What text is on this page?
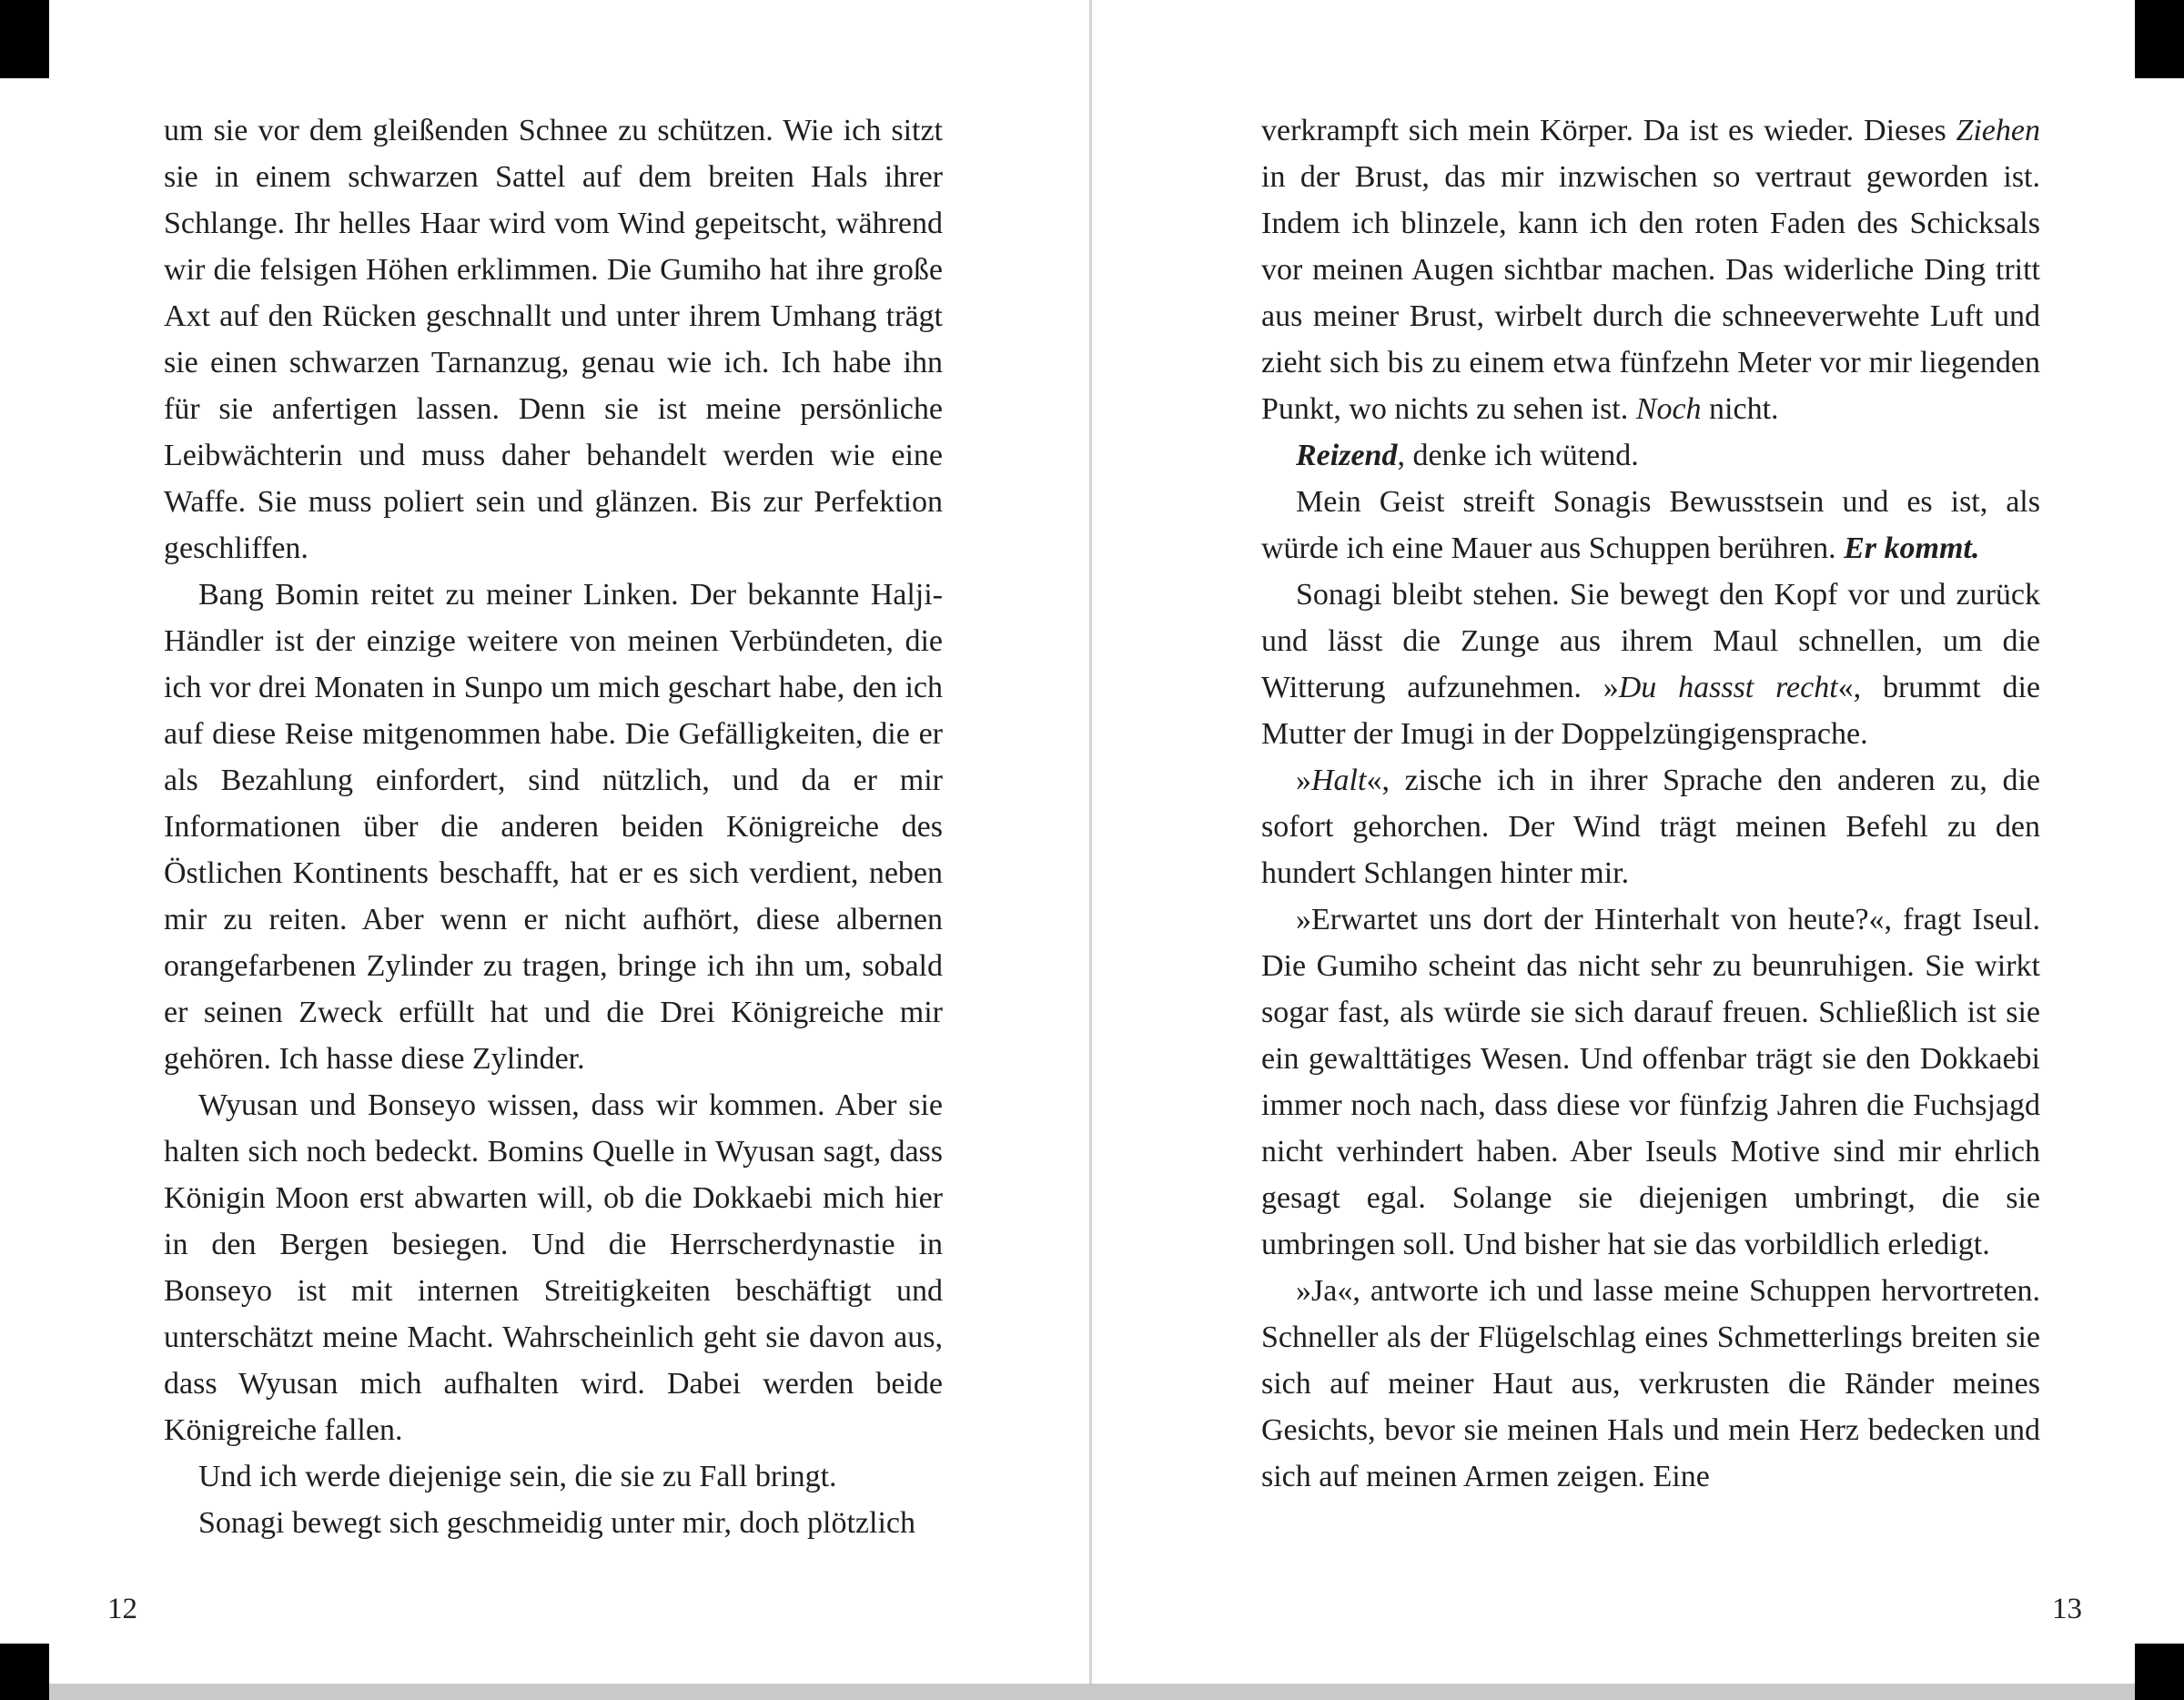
um sie vor dem gleißenden Schnee zu schützen. Wie ich sitzt sie in einem schwarzen Sattel auf dem breiten Hals ihrer Schlange. Ihr helles Haar wird vom Wind gepeitscht, während wir die felsigen Höhen erklimmen. Die Gumiho hat ihre große Axt auf den Rücken geschnallt und unter ihrem Umhang trägt sie einen schwarzen Tarnanzug, genau wie ich. Ich habe ihn für sie anfertigen lassen. Denn sie ist meine persönliche Leibwächterin und muss daher behandelt werden wie eine Waffe. Sie muss poliert sein und glänzen. Bis zur Perfektion geschliffen.

Bang Bomin reitet zu meiner Linken. Der bekannte Halji-Händler ist der einzige weitere von meinen Verbündeten, die ich vor drei Monaten in Sunpo um mich geschart habe, den ich auf diese Reise mitgenommen habe. Die Gefälligkeiten, die er als Bezahlung einfordert, sind nützlich, und da er mir Informationen über die anderen beiden Königreiche des Östlichen Kontinents beschafft, hat er es sich verdient, neben mir zu reiten. Aber wenn er nicht aufhört, diese albernen orangefarbenen Zylinder zu tragen, bringe ich ihn um, sobald er seinen Zweck erfüllt hat und die Drei Königreiche mir gehören. Ich hasse diese Zylinder.

Wyusan und Bonseyo wissen, dass wir kommen. Aber sie halten sich noch bedeckt. Bomins Quelle in Wyusan sagt, dass Königin Moon erst abwarten will, ob die Dokkaebi mich hier in den Bergen besiegen. Und die Herrscherdynastie in Bonseyo ist mit internen Streitigkeiten beschäftigt und unterschätzt meine Macht. Wahrscheinlich geht sie davon aus, dass Wyusan mich aufhalten wird. Dabei werden beide Königreiche fallen.

Und ich werde diejenige sein, die sie zu Fall bringt.

Sonagi bewegt sich geschmeidig unter mir, doch plötzlich

12

verkrampft sich mein Körper. Da ist es wieder. Dieses Ziehen in der Brust, das mir inzwischen so vertraut geworden ist. Indem ich blinzele, kann ich den roten Faden des Schicksals vor meinen Augen sichtbar machen. Das widerliche Ding tritt aus meiner Brust, wirbelt durch die schneeverwehte Luft und zieht sich bis zu einem etwa fünfzehn Meter vor mir liegenden Punkt, wo nichts zu sehen ist. Noch nicht.

Reizend, denke ich wütend.

Mein Geist streift Sonagis Bewusstsein und es ist, als würde ich eine Mauer aus Schuppen berühren. Er kommt.

Sonagi bleibt stehen. Sie bewegt den Kopf vor und zurück und lässt die Zunge aus ihrem Maul schnellen, um die Witterung aufzunehmen. »Du hassst recht«, brummt die Mutter der Imugi in der Doppelzüngigensprache.

»Halt«, zische ich in ihrer Sprache den anderen zu, die sofort gehorchen. Der Wind trägt meinen Befehl zu den hundert Schlangen hinter mir.

»Erwartet uns dort der Hinterhalt von heute?«, fragt Iseul. Die Gumiho scheint das nicht sehr zu beunruhigen. Sie wirkt sogar fast, als würde sie sich darauf freuen. Schließlich ist sie ein gewalttätiges Wesen. Und offenbar trägt sie den Dokkaebi immer noch nach, dass diese vor fünfzig Jahren die Fuchsjagd nicht verhindert haben. Aber Iseuls Motive sind mir ehrlich gesagt egal. Solange sie diejenigen umbringt, die sie umbringen soll. Und bisher hat sie das vorbildlich erledigt.

»Ja«, antworte ich und lasse meine Schuppen hervortreten. Schneller als der Flügelschlag eines Schmetterlings breiten sie sich auf meiner Haut aus, verkrusten die Ränder meines Gesichts, bevor sie meinen Hals und mein Herz bedecken und sich auf meinen Armen zeigen. Eine

13
